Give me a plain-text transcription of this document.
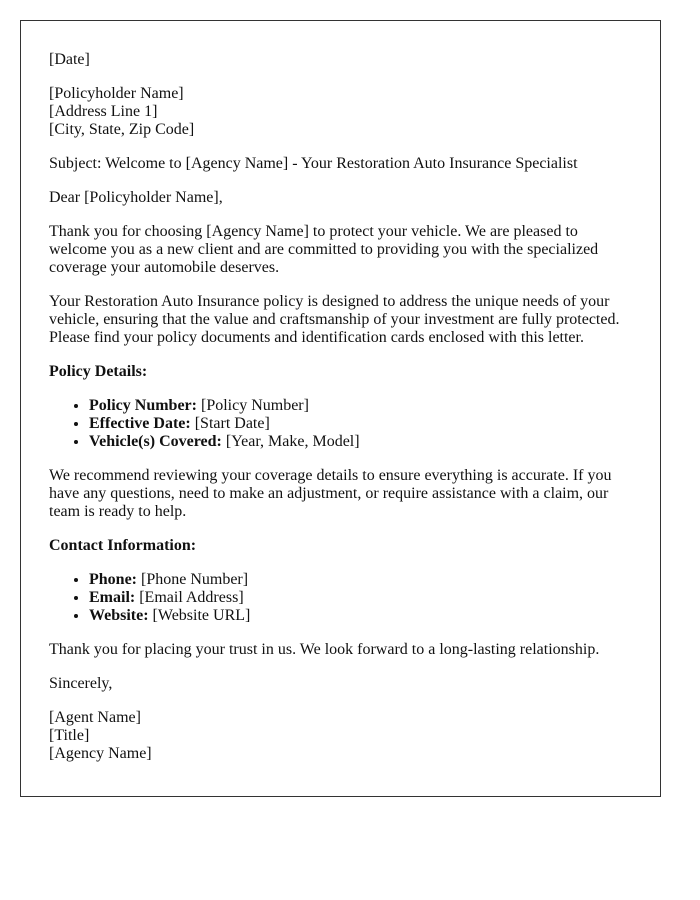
[Date]

[Policyholder Name]

[Address Line 1]

[City, State, Zip Code]

Subject: Welcome to [Agency Name] - Your Restoration Auto Insurance Specialist

Dear [Policyholder Name],

Thank you for choosing [Agency Name] to protect your vehicle. We are pleased to welcome you as a new client and are committed to providing you with the specialized coverage your automobile deserves.

Your Restoration Auto Insurance policy is designed to address the unique needs of your vehicle, ensuring that the value and craftsmanship of your investment are fully protected. Please find your policy documents and identification cards enclosed with this letter.

Policy Details:

• Policy Number: [Policy Number]
• Effective Date: [Start Date]
• Vehicle(s) Covered: [Year, Make, Model]

We recommend reviewing your coverage details to ensure everything is accurate. If you have any questions, need to make an adjustment, or require assistance with a claim, our team is ready to help.

Contact Information:

• Phone: [Phone Number]
• Email: [Email Address]
• Website: [Website URL]

Thank you for placing your trust in us. We look forward to a long-lasting relationship.

Sincerely,

[Agent Name]

[Title]

[Agency Name]
